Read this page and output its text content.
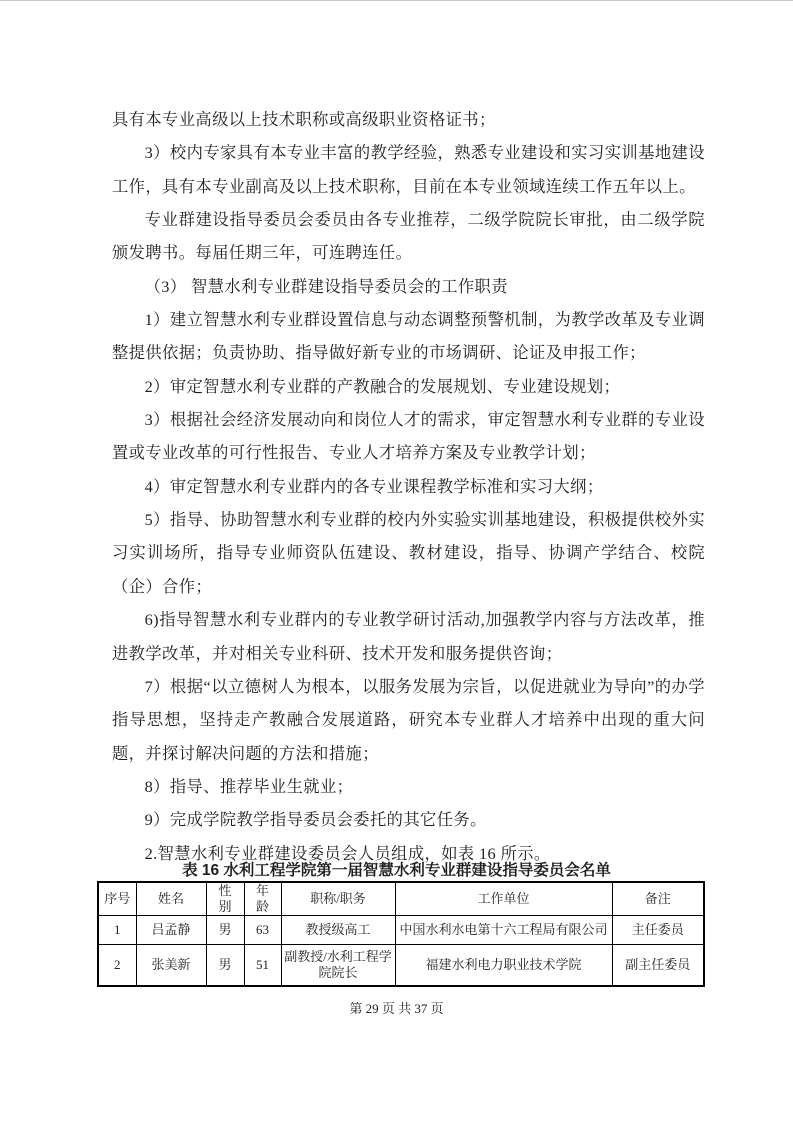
具有本专业高级以上技术职称或高级职业资格证书；

3）校内专家具有本专业丰富的教学经验，熟悉专业建设和实习实训基地建设工作，具有本专业副高及以上技术职称，目前在本专业领域连续工作五年以上。

专业群建设指导委员会委员由各专业推荐，二级学院院长审批，由二级学院颁发聘书。每届任期三年，可连聘连任。

（3） 智慧水利专业群建设指导委员会的工作职责

1）建立智慧水利专业群设置信息与动态调整预警机制，为教学改革及专业调整提供依据；负责协助、指导做好新专业的市场调研、论证及申报工作；

2）审定智慧水利专业群的产教融合的发展规划、专业建设规划；

3）根据社会经济发展动向和岗位人才的需求，审定智慧水利专业群的专业设置或专业改革的可行性报告、专业人才培养方案及专业教学计划；

4）审定智慧水利专业群内的各专业课程教学标准和实习大纲；

5）指导、协助智慧水利专业群的校内外实验实训基地建设，积极提供校外实习实训场所，指导专业师资队伍建设、教材建设，指导、协调产学结合、校院（企）合作；

6)指导智慧水利专业群内的专业教学研讨活动,加强教学内容与方法改革，推进教学改革，并对相关专业科研、技术开发和服务提供咨询；

7）根据“以立德树人为根本，以服务发展为宗旨，以促进就业为导向”的办学指导思想，坚持走产教融合发展道路，研究本专业群人才培养中出现的重大问题，并探讨解决问题的方法和措施；

8）指导、推荐毕业生就业；

9）完成学院教学指导委员会委托的其它任务。

2.智慧水利专业群建设委员会人员组成，如表 16 所示。

表 16 水利工程学院第一届智慧水利专业群建设指导委员会名单
序号	姓名	性别	年龄	职称/职务	工作单位	备注
1	吕孟静	男	63	教授级高工	中国水利水电第十六工程局有限公司	主任委员
2	张美新	男	51	副教授/水利工程学院院长	福建水利电力职业技术学院	副主任委员
第 29 页 共 37 页
